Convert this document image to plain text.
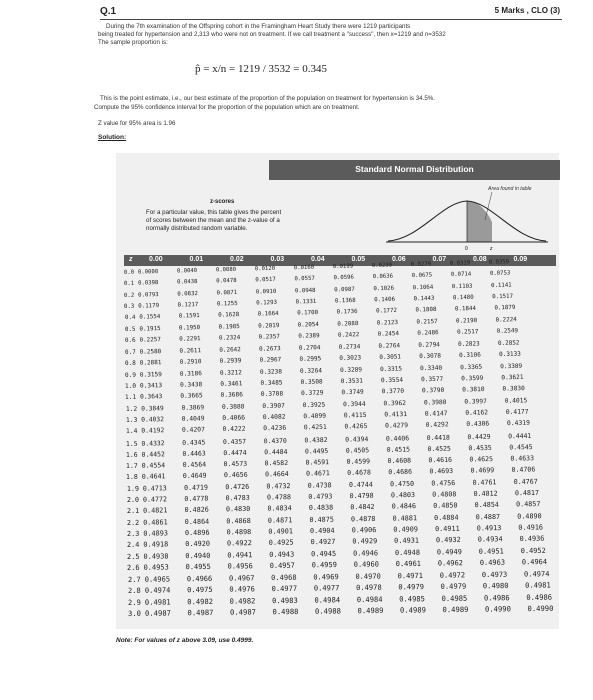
Q.1	5 Marks , CLO (3)
During the 7th examination of the Offspring cohort in the Framingham Heart Study there were 1219 participants
being treated for hypertension and 2,313 who were not on treatment. If we call treatment a "success", then x=1219 and n=3532
The sample proportion is:
p̂ = x/n = 1219 / 3532 = 0.345
This is the point estimate, i.e., our best estimate of the proportion of the population on treatment for hypertension is 34.5%.
Compute the 95% confidence interval for the proportion of the population which are on treatment.
Z value for 95% area is 1.96
Solution:
Standard Normal Distribution
z-scores
For a particular value, this table gives the percent of scores between the mean and the z-value of a normally distributed random variable.
Area found in table
0	z
z 0.00	0.01	0.02	0.03	0.04	0.05	0.06	0.07	0.08	0.09
0.0 0.0000	0.0040	0.0080	0.0120	0.0160	0.0199	0.0239	0.0279	0.0319	0.0359
0.1 0.0398	0.0438	0.0478	0.0517	0.0557	0.0596	0.0636	0.0675	0.0714	0.0753
0.2 0.0793	0.0832	0.0871	0.0910	0.0948	0.0987	0.1026	0.1064	0.1103	0.1141
0.3 0.1179	0.1217	0.1255	0.1293	0.1331	0.1368	0.1406	0.1443	0.1480	0.1517
0.4 0.1554	0.1591	0.1628	0.1664	0.1700	0.1736	0.1772	0.1808	0.1844	0.1879
0.5 0.1915	0.1950	0.1985	0.2019	0.2054	0.2088	0.2123	0.2157	0.2190	0.2224
0.6 0.2257	0.2291	0.2324	0.2357	0.2389	0.2422	0.2454	0.2486	0.2517	0.2549
0.7 0.2580	0.2611	0.2642	0.2673	0.2704	0.2734	0.2764	0.2794	0.2823	0.2852
0.8 0.2881	0.2910	0.2939	0.2967	0.2995	0.3023	0.3051	0.3078	0.3106	0.3133
0.9 0.3159	0.3186	0.3212	0.3238	0.3264	0.3289	0.3315	0.3340	0.3365	0.3389
1.0 0.3413	0.3438	0.3461	0.3485	0.3508	0.3531	0.3554	0.3577	0.3599	0.3621
1.1 0.3643	0.3665	0.3686	0.3708	0.3729	0.3749	0.3770	0.3790	0.3810	0.3830
1.2 0.3849	0.3869	0.3888	0.3907	0.3925	0.3944	0.3962	0.3980	0.3997	0.4015
1.3 0.4032	0.4049	0.4066	0.4082	0.4099	0.4115	0.4131	0.4147	0.4162	0.4177
1.4 0.4192	0.4207	0.4222	0.4236	0.4251	0.4265	0.4279	0.4292	0.4306	0.4319
1.5 0.4332	0.4345	0.4357	0.4370	0.4382	0.4394	0.4406	0.4418	0.4429	0.4441
1.6 0.4452	0.4463	0.4474	0.4484	0.4495	0.4505	0.4515	0.4525	0.4535	0.4545
1.7 0.4554	0.4564	0.4573	0.4582	0.4591	0.4599	0.4608	0.4616	0.4625	0.4633
1.8 0.4641	0.4649	0.4656	0.4664	0.4671	0.4678	0.4686	0.4693	0.4699	0.4706
1.9 0.4713	0.4719	0.4726	0.4732	0.4738	0.4744	0.4750	0.4756	0.4761	0.4767
2.0 0.4772	0.4778	0.4783	0.4788	0.4793	0.4798	0.4803	0.4808	0.4812	0.4817
2.1 0.4821	0.4826	0.4830	0.4834	0.4838	0.4842	0.4846	0.4850	0.4854	0.4857
2.2 0.4861	0.4864	0.4868	0.4871	0.4875	0.4878	0.4881	0.4884	0.4887	0.4890
2.3 0.4893 0.4896 0.4898 0.4901 0.4904 0.4906 0.4909 0.4911 0.4913 0.4916
2.4 0.4918 0.4920 0.4922 0.4925 0.4927 0.4929 0.4931 0.4932 0.4934 0.4936
2.5 0.4938 0.4940 0.4941 0.4943 0.4945 0.4946 0.4948 0.4949 0.4951 0.4952
2.6 0.4953 0.4955 0.4956 0.4957 0.4959 0.4960 0.4961 0.4962 0.4963 0.4964
2.7 0.4965 0.4966 0.4967 0.4968 0.4969 0.4970 0.4971 0.4972 0.4973 0.4974
2.8 0.4974 0.4975 0.4976 0.4977 0.4977 0.4978 0.4979 0.4979 0.4980 0.4981
2.9 0.4981 0.4982 0.4982 0.4983 0.4984 0.4984 0.4985 0.4985 0.4986 0.4986
3.0 0.4987 0.4987 0.4987 0.4988 0.4988 0.4989 0.4989 0.4989 0.4990 0.4990
Note: For values of z above 3.09, use 0.4999.
